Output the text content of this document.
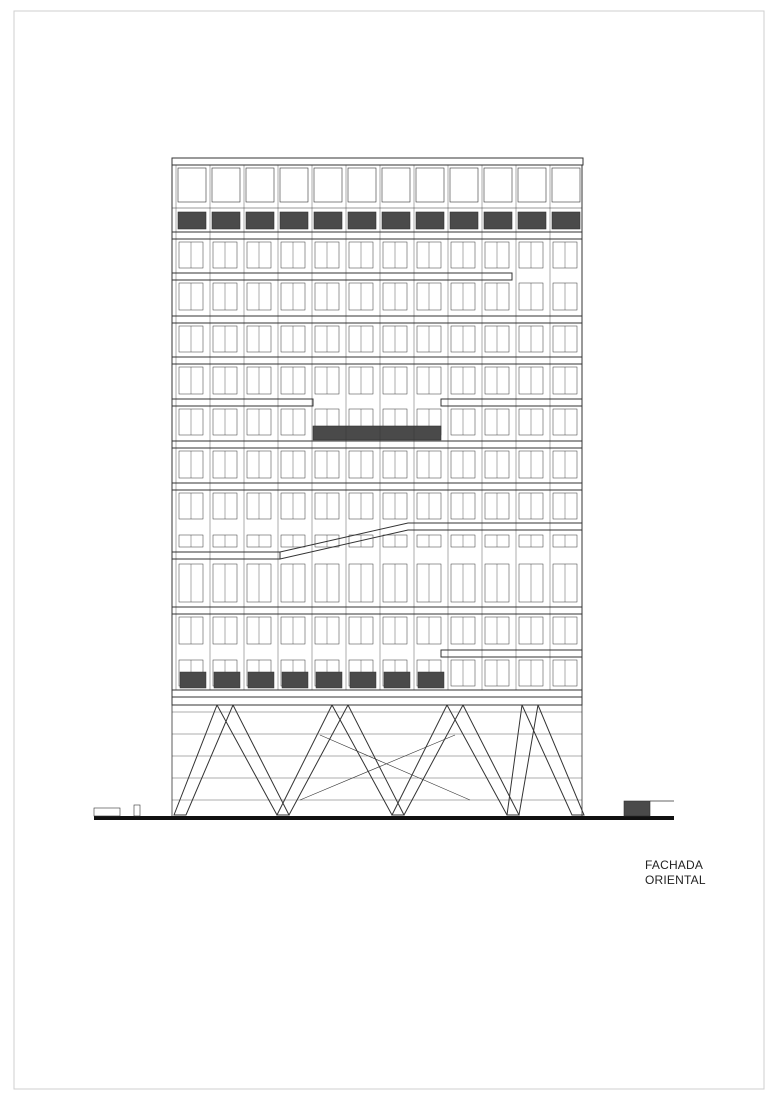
FACHADA
ORIENTAL
